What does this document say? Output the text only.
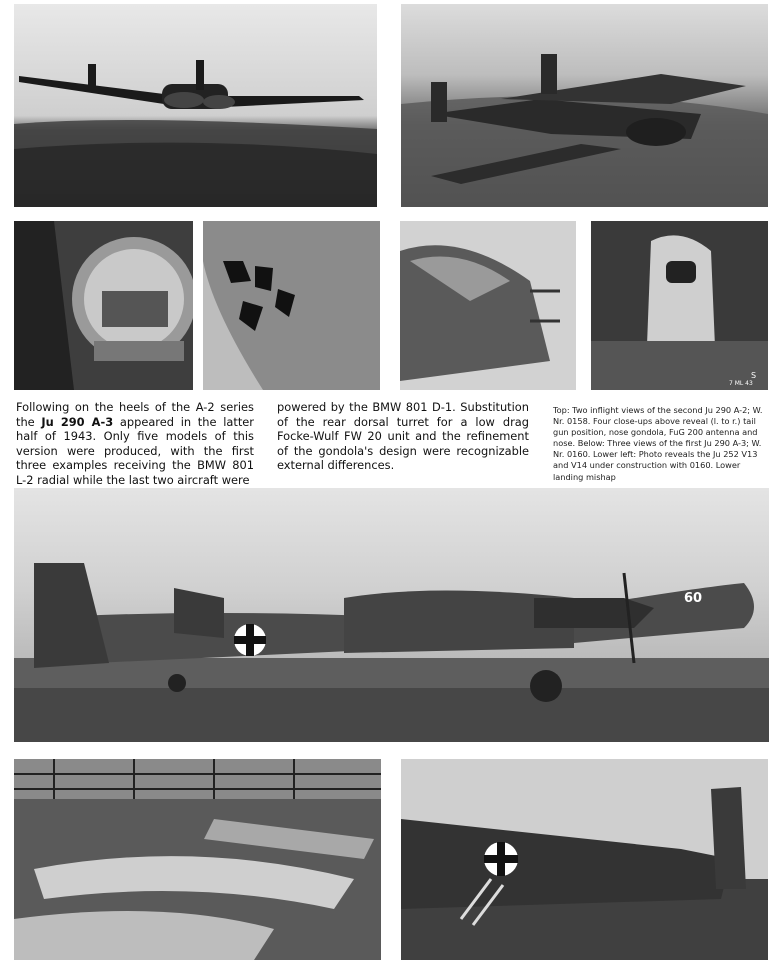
S
7 ML 43
Following on the heels of the A-2 series the Ju 290 A-3 appeared in the latter half of 1943. Only five models of this version were produced, with the first three examples receiving the BMW 801 L-2 radial while the last two aircraft were
powered by the BMW 801 D-1. Substitution of the rear dorsal turret for a low drag Focke-Wulf FW 20 unit and the refinement of the gondola's design were recognizable external differences.
Top: Two inflight views of the second Ju 290 A-2; W. Nr. 0158. Four close-ups above reveal (l. to r.) tail gun position, nose gondola, FuG 200 antenna and nose. Below: Three views of the first Ju 290 A-3; W. Nr. 0160. Lower left: Photo reveals the Ju 252 V13 and V14 under construction with 0160. Lower landing mishap
60
